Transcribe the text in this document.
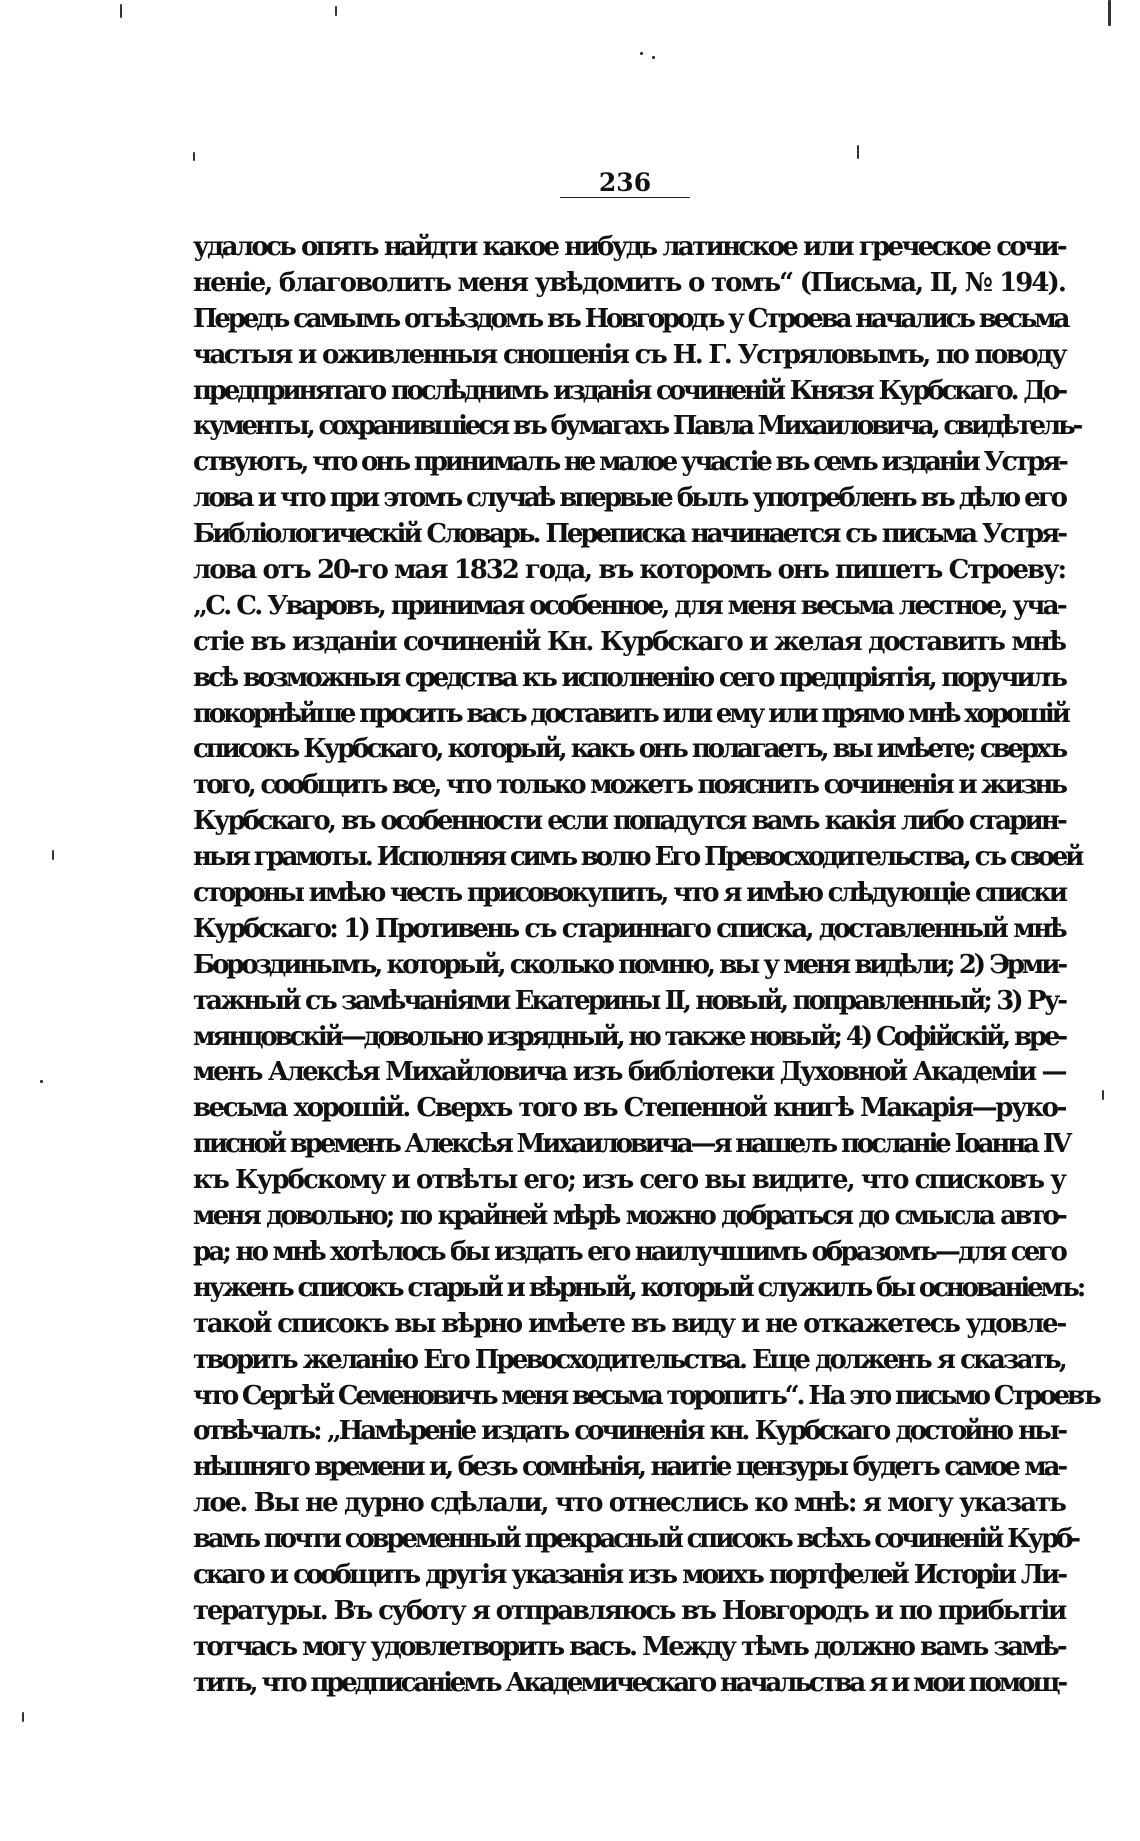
236
удалось опять найдти какое нибудь латинское или греческое сочи-
неніе, благоволить меня увѣдомить о томъ“ (Письма, II, № 194).
Передъ самымъ отъѣздомъ въ Новгородъ у Строева начались весьма
частыя и оживленныя сношенія съ Н. Г. Устряловымъ, по поводу
предпринятаго послѣднимъ изданія сочиненій Князя Курбскаго. До-
кументы, сохранившіеся въ бумагахъ Павла Михаиловича, свидѣтель-
ствуютъ, что онъ принималъ не малое участіе въ семъ изданіи Устря-
лова и что при этомъ случаѣ впервые былъ употребленъ въ дѣло его
Библіологическій Словарь. Переписка начинается съ письма Устря-
лова отъ 20-го мая 1832 года, въ которомъ онъ пишетъ Строеву:
„С. С. Уваровъ, принимая особенное, для меня весьма лестное, уча-
стіе въ изданіи сочиненій Кн. Курбскаго и желая доставить мнѣ
всѣ возможныя средства къ исполненію сего предпріятія, поручилъ
покорнѣйше просить васъ доставить или ему или прямо мнѣ хорошій
списокъ Курбскаго, который, какъ онъ полагаетъ, вы имѣете; сверхъ
того, сообщить все, что только можетъ пояснить сочиненія и жизнь
Курбскаго, въ особенности если попадутся вамъ какія либо старин-
ныя грамоты. Исполняя симъ волю Его Превосходительства, съ своей
стороны имѣю честь присовокупить, что я имѣю слѣдующіе списки
Курбскаго: 1) Противень съ стариннаго списка, доставленный мнѣ
Бороздинымъ, который, сколько помню, вы у меня видѣли; 2) Эрми-
тажный съ замѣчаніями Екатерины II, новый, поправленный; 3) Ру-
мянцовскій—довольно изрядный, но также новый; 4) Софійскій, вре-
менъ Алексѣя Михайловича изъ библіотеки Духовной Академіи —
весьма хорошій. Сверхъ того въ Степенной книгѣ Макарія—руко-
писной временъ Алексѣя Михаиловича—я нашелъ посланіе Іоанна IV
къ Курбскому и отвѣты его; изъ сего вы видите, что списковъ у
меня довольно; по крайней мѣрѣ можно добраться до смысла авто-
ра; но мнѣ хотѣлось бы издать его наилучшимъ образомъ—для сего
нуженъ списокъ старый и вѣрный, который служилъ бы основаніемъ:
такой списокъ вы вѣрно имѣете въ виду и не откажетесь удовле-
творить желанію Его Превосходительства. Еще долженъ я сказать,
что Сергѣй Семеновичъ меня весьма торопитъ“. На это письмо Строевъ
отвѣчалъ: „Намѣреніе издать сочиненія кн. Курбскаго достойно ны-
нѣшняго времени и, безъ сомнѣнія, наитіе цензуры будетъ самое ма-
лое. Вы не дурно сдѣлали, что отнеслись ко мнѣ: я могу указать
вамъ почти современный прекрасный списокъ всѣхъ сочиненій Курб-
скаго и сообщить другія указанія изъ моихъ портфелей Исторіи Ли-
тературы. Въ суботу я отправляюсь въ Новгородъ и по прибытіи
тотчасъ могу удовлетворить васъ. Между тѣмъ должно вамъ замѣ-
тить, что предписаніемъ Академическаго начальства я и мои помощ-
